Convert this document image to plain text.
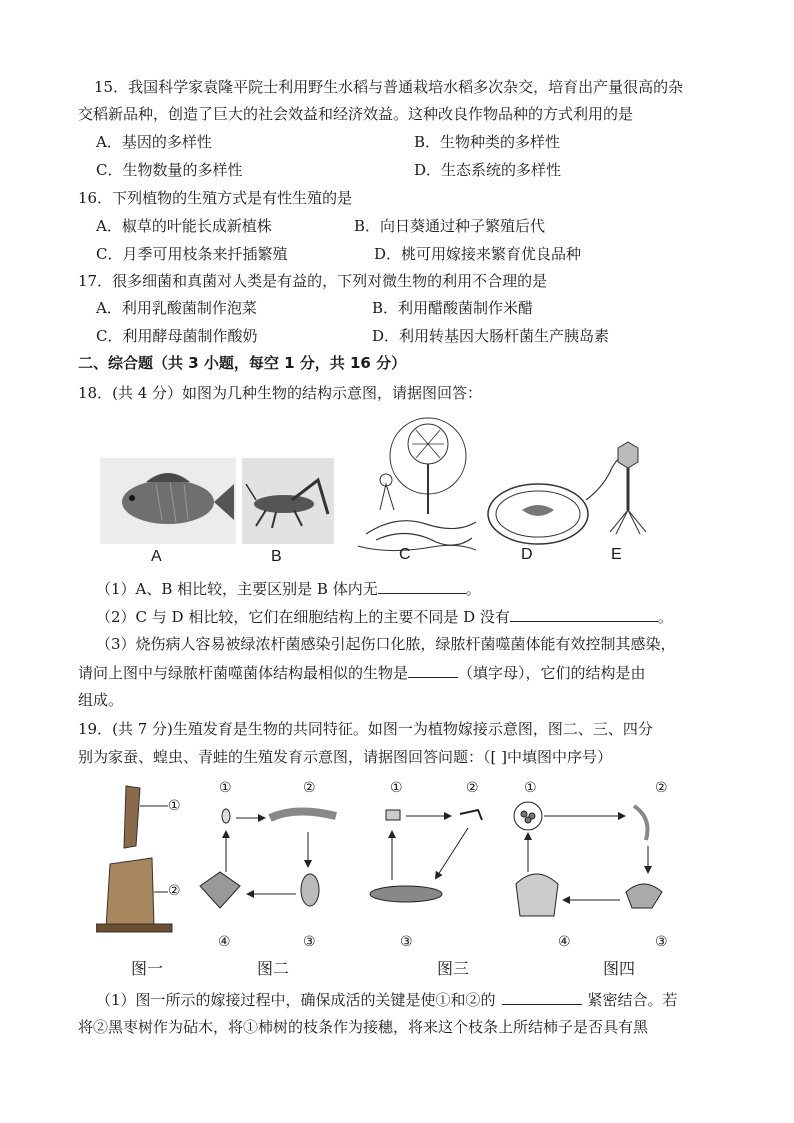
15．我国科学家袁隆平院士利用野生水稻与普通栽培水稻多次杂交，培育出产量很高的杂
交稻新品种，创造了巨大的社会效益和经济效益。这种改良作物品种的方式利用的是
A．基因的多样性	B．生物种类的多样性
C．生物数量的多样性	D．生态系统的多样性
16．下列植物的生殖方式是有性生殖的是
A．椒草的叶能长成新植株	B．向日葵通过种子繁殖后代
C．月季可用枝条来扦插繁殖	D．桃可用嫁接来繁育优良品种
17．很多细菌和真菌对人类是有益的，下列对微生物的利用不合理的是
A．利用乳酸菌制作泡菜	B．利用醋酸菌制作米醋
C．利用酵母菌制作酸奶	D．利用转基因大肠杆菌生产胰岛素
二、综合题（共 3 小题，每空 1 分，共 16 分）
18．(共 4 分）如图为几种生物的结构示意图，请据图回答：
A	B	C	D	E
（1）A、B 相比较，主要区别是 B 体内无	。
（2）C 与 D 相比较，它们在细胞结构上的主要不同是 D 没有	。
（3）烧伤病人容易被绿浓杆菌感染引起伤口化脓，绿脓杆菌噬菌体能有效控制其感染，
请问上图中与绿脓杆菌噬菌体结构最相似的生物是	（填字母），它们的结构是由
组成。
19．(共 7 分)生殖发育是生物的共同特征。如图一为植物嫁接示意图，图二、三、四分
别为家蚕、蝗虫、青蛙的生殖发育示意图，请据图回答问题：（[ ]中填图中序号）
①
②
①	②
③
④
①	②
③
①	②
③
④
图一	图二	图三	图四
（1）图一所示的嫁接过程中，确保成活的关键是使①和②的	紧密结合。若
将②黑枣树作为砧木，将①柿树的枝条作为接穗，将来这个枝条上所结柿子是否具有黑
